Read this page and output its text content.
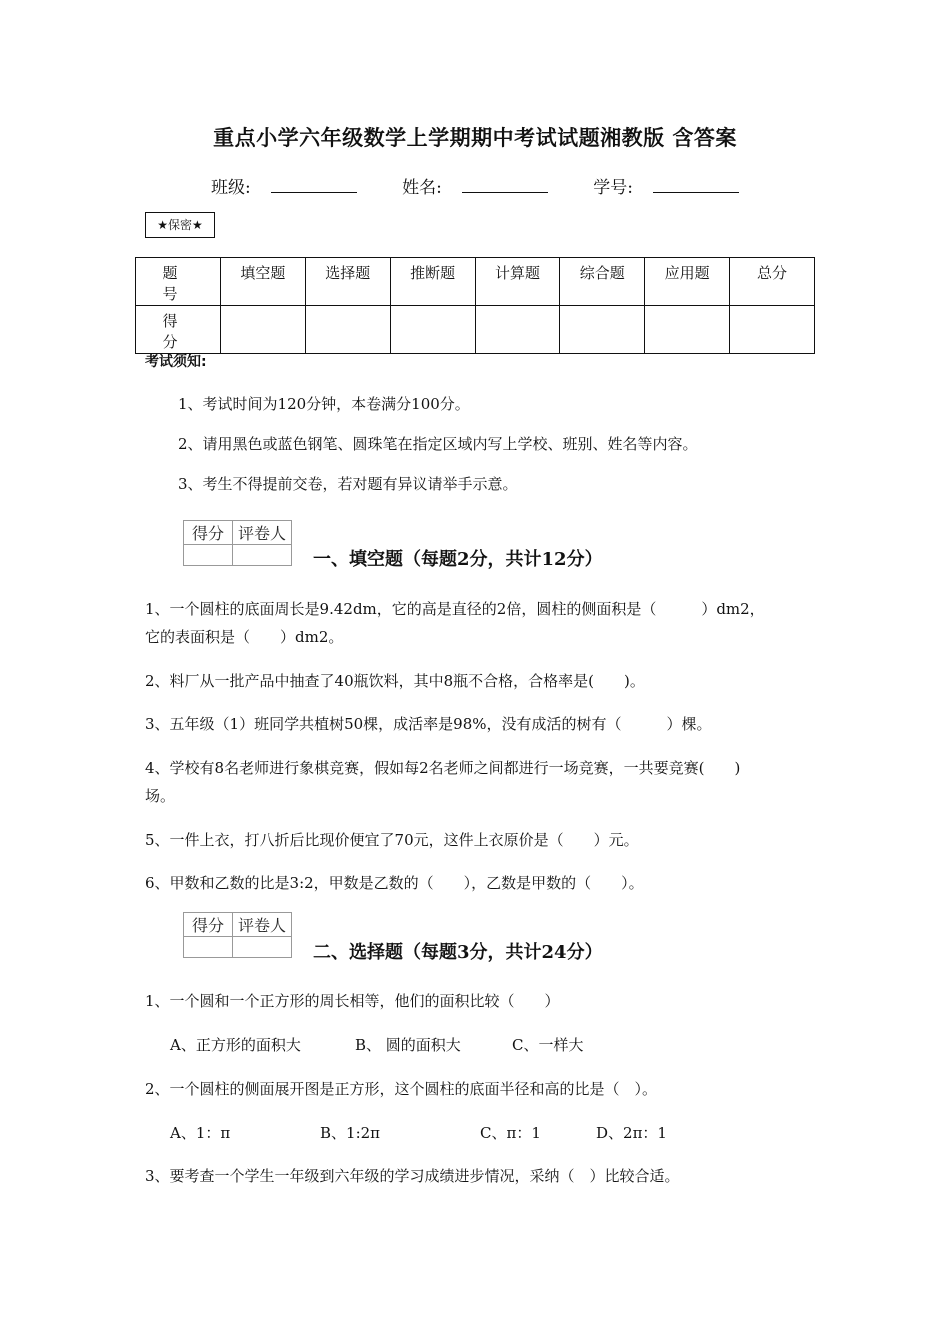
重点小学六年级数学上学期期中考试试题湘教版 含答案
班级:	姓名:	学号:
★保密★
题 号	填空题	选择题	推断题	计算题	综合题	应用题	总分
得 分							
考试须知:
1、考试时间为120分钟，本卷满分100分。
2、请用黑色或蓝色钢笔、圆珠笔在指定区域内写上学校、班别、姓名等内容。
3、考生不得提前交卷，若对题有异议请举手示意。
得分	评卷人

一、填空题（每题2分，共计12分）
1、一个圆柱的底面周长是9.42dm，它的高是直径的2倍，圆柱的侧面积是（　　　）dm2，
它的表面积是（　　）dm2。
2、料厂从一批产品中抽查了40瓶饮料，其中8瓶不合格，合格率是(　　)。
3、五年级（1）班同学共植树50棵，成活率是98%，没有成活的树有（　　　）棵。
4、学校有8名老师进行象棋竞赛，假如每2名老师之间都进行一场竞赛，一共要竞赛(　　)
场。
5、一件上衣，打八折后比现价便宜了70元，这件上衣原价是（　　）元。
6、甲数和乙数的比是3:2，甲数是乙数的（　　），乙数是甲数的（　　）。
得分	评卷人

二、选择题（每题3分，共计24分）
1、一个圆和一个正方形的周长相等，他们的面积比较（　　）
A、正方形的面积大	B、 圆的面积大	C、一样大
2、一个圆柱的侧面展开图是正方形，这个圆柱的底面半径和高的比是（　）。
A、1：π	B、1:2π	C、π：1	D、2π：1
3、要考查一个学生一年级到六年级的学习成绩进步情况，采纳（　）比较合适。
